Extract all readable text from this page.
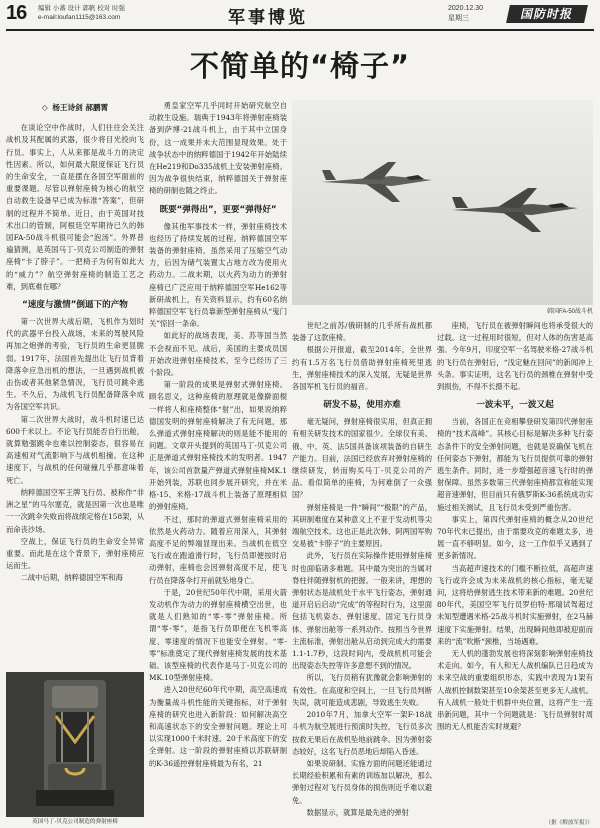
16 编辑 小蕃 设计 郭帆 校对 时强
e-mail:loufan1115@163.com	军事博览	2020.12.30
星期三	国防时报
不简单的“椅子”
◇ 杨王诗剑 郝鹏霄

在谈论空中作战时，人们往往会关注战机及其配属的武器，很少将目光投向飞行员。事实上，人从来都是战斗力的决定性因素。所以，如何最大限度保证飞行员的生命安全，一直是摆在各国空军面前的重要课题。尽管以弹射座椅为核心的航空自动救生设备早已成为标准“答案”，但研制的过程并不简单。近日，由于英国对技术出口的管制，阿根廷空军期待已久的韩国FA-50战斗机很可能会“泡汤”。外界普遍猜测，是英国马丁-贝克公司制造的弹射座椅“卡了脖子”。一把椅子为何有如此大的“威力”？航空弹射座椅的制造工艺之难，到底难在哪？

“速度与激情”倒逼下的产物

第一次世界大战后期，飞机作为划时代的武器平台投入战场，未来的驾驶风险再加之炮弹的考验，飞行员的生命更显脆弱。1917年，法国首先提出让飞行员背着降落伞应急出机的想法，一旦遇到战机被击伤或者其他紧急情况，飞行员可跳伞逃生。不久后，为战机飞行员配备降落伞成为各国空军共识。

第二次世界大战时，战斗机时速已达600千米以上。不论飞行员能否自行出舱，就算勉强跳伞也难以控制姿态，很容易在高速相对气流影响下与战机相撞。在这种速度下，与战机的任何碰撞几乎都意味着死亡。

纳粹德国空军王牌飞行员、被称作“非洲之星”的马尔塞克，就是因第一次也是唯一一次跳伞失败而将战绩定格在158架，从而命丧沙场。

空战上，保证飞行员的生命安全异常重要。而此是在这个背景下，弹射座椅应运而生。

二战中后期，纳粹德国空军和海

英国马丁-贝克公司制造的弹射座椅

勇皇家空军几乎同时开始研究航空自动救生设施。瑞典于1943年将弹射座椅装备到萨博-21战斗机上，由于其中立国身份，这一成果并未大范围显现效果。处于战争状态中的纳粹德国于1942年开始陆续在He219和Do335战机上安装弹射座椅。因为战争很快结束，纳粹德国关于弹射座椅的研制也随之终止。

既要“弹得出”，更要“弹得好”

像其他军事技术一样，弹射座椅技术也经历了持续发展的过程。纳粹德国空军装备的弹射座椅，虽然采用了压缩空气动力，后因为储气装置太占地方改为使用火药动力。二战末期，以火药为动力的弹射座椅已广泛应用于纳粹德国空军He162等新研战机上，有关资料显示，约有60名纳粹德国空军飞行员靠新型弹射座椅从“鬼门关”惊回一条命。

如此好的战场表现，美、苏等国当然不会视而不见。战后，美国的主要成员国开始改进弹射座椅技术，至今已经历了三个阶段。

第一阶段的成果是弹射式弹射座椅。顾名思义，这种座椅的原理就是像擀面棍一样将人和座椅整体“射”出，如果说纳粹德国发明的弹射座椅解决了有无问题，那么弹道式弹射座椅解决的则是能不能用的问题。文章开头提到的英国马丁-贝克公司正是弹道式弹射座椅技术的发明者。1947年，该公司首款量产弹道式弹射座椅MK.1开始列装，苏联也同步展开研究，并在米格-15、米格-17战斗机上装备了原理相似的弹射座椅。

不过，那时的弹道式弹射座椅采用的依然是火药动力。随着应用深入，其弹射高度不足的弊端显现出来。当战机在低空飞行或在跑道滑行时，飞行员即便按时启动弹射，座椅也会因弹射高度不足，使飞行员在降落伞打开前就坠地身亡。

于是，20世纪50年代中期，采用火箭发动机作为动力的弹射座椅横空出世，也就是人们熟知的“零-零”弹射座椅。所谓“零-零”，是指飞行员即便在飞机零高度、零速度的情况下也能安全弹射。“零-零”标准奠定了现代弹射座椅发展的技术基础。该型座椅的代表作是马丁-贝克公司的MK.10型弹射座椅。

进入20世纪60年代中期，高空高速成为衡量战斗机性能的关键指标，对于弹射座椅的研究也进入新阶段：如何解决高空和高速状态下的安全弹射问题。理论上可以实现1000千米时速、20千米高度下的安全弹射。这一阶段的弹射座椅以苏联研制的K-36遥控弹射座椅最为有名，21

韩国FA-50战斗机

世纪之前苏/俄研制的几乎所有战机都装备了这款座椅。

根据公开报道，截至2014年，全世界约有1.5万名飞行员借助弹射座椅死里逃生，弹射座椅技术的深入发展，无疑是世界各国军机飞行员的福音。

研发不易，使用亦难

毫无疑问，弹射座椅很实用，但真正拥有相关研发技术的国家很少。全球仅有美、俄、中、英、法5国具备该项装备的自研生产能力。目前，法国已经放弃对弹射座椅的继续研发，转而购买马丁-贝克公司的产品。看似简单的座椅，为何难倒了一众强国？

弹射座椅是一件“瞬间”“极限”的产品，其研制难度在某种意义上不亚于发动机等尖端航空技术。这也正是此次韩、阿两国军购交易被“卡脖子”的主要原因。

此外，飞行员在实际操作使用弹射座椅时也面临诸多难题。其中最为突出的当属对脊柱伴随弹射机的把握。一般来讲，理想的弹射状态是战机处于水平飞行姿态，弹射通道开启后启动“完成”的等程时行为，这里面包括飞机姿态、弹射速度、固定飞行员身体、弹射出舱等一系列动作。按照当今世界主流标准，弹射出舱从启动到完成大约需要1.1-1.7秒，这段时间内，受战机机可能会出现姿态失控等许多意想不到的情况。

所以，飞行员稍有犹豫就会影响弹射的有效性。在高度和空间上，一旦飞行员判断失误，就可能造成悲剧，导致逃生失败。

2010年7月，加拿大空军一架F-18战斗机为航空展进行预演时失控，飞行员多次按救无果后在战机坠地前跳伞。因为弹射姿态较好，这名飞行员恶地后却陷入昏迷。

如果说研制、实施方面的问题还能通过长期经验积累和有素的训练加以解决，那么弹射过程对飞行员身体的损伤则近乎难以避免。

数据显示，就算是最先进的弹射

座椅，飞行员在被弹射瞬间也将承受很大的过载。这一过程用时很短，但对人体的伤害是高强。今年9月，印度空军一名驾驶米格-27战斗机的飞行员在弹射后，“浅定魅在回问”的新闻冲上头条。事实证明，这名飞行员的颈椎在弹射中受到损伤，不得不长摄不起。

一波未平，一波又起

当前，各国正在竞相攀登研发第四代弹射座椅的“技术高峰”。其核心目标是解决多种飞行姿态条件下的安全弹射问题，也就是说确保飞机在任何姿态下弹射，都能为飞行员提供可靠的弹射逃生条件。同时，进一步增强超音速飞行时的弹射保障。虽然多数第三代弹射座椅都宣称能实现超音速弹射，但目前只有俄罗斯K-36系统成功实施过相关测试，且飞行员未受到严重伤害。

事实上，第四代弹射座椅的概念从20世纪70年代末已提出，由于需要攻克的难题太多，进展一直不够明显。如今，这一工作似乎又遇到了更多新情况。

当高超声速技术的门槛不断拉低，高超声速飞行或许会成为未来战机的核心指标，毫无疑问，这将给弹射逃生技术带来新的难题。20世纪80年代，美国空军飞行员罗伯特·邢瑞试驾超过未知型遭遇米格-25战斗机时实施弹射，在2马赫速度下实施弹射。结果，出现瞬间他即被迎面而来的“流”吹断“颈椎，当场遇难。

无人机的蓬勃发展也将深刻影响弹射座椅技术走向。如今，有人和无人战机编队已日趋成为未来空战的重要组织形态，实践中表现为1架有人战机控制数架甚至10余架甚至更多无人战机。有人战机一般处于机群中央位置，这将产生一连串新问题，其中一个问题就是：飞行员弹射时周围的无人机能否实时规避？

（据《解放军报》）
